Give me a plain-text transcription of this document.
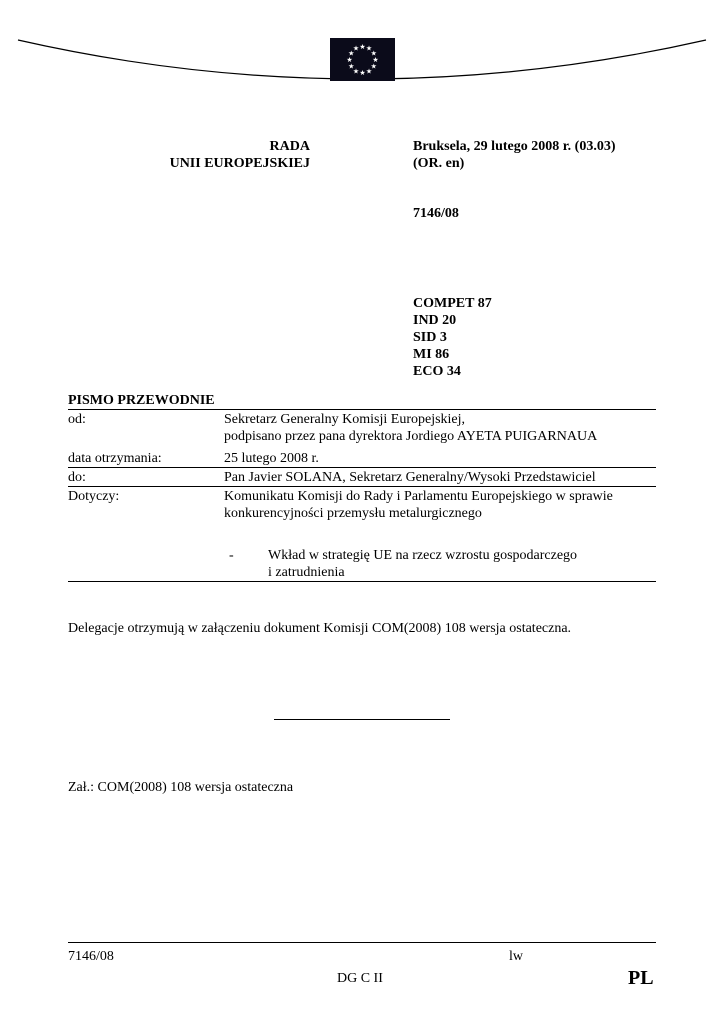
★ ★
★
★
★
★
★
★
★
★
★
★
RADA
UNII EUROPEJSKIEJ
Bruksela, 29 lutego 2008 r. (03.03)
(OR. en)
7146/08
COMPET 87
IND 20
SID 3
MI 86
ECO 34
PISMO PRZEWODNIE
od:	Sekretarz Generalny Komisji Europejskiej,
podpisano przez pana dyrektora Jordiego AYETA PUIGARNAUA
data otrzymania:	25 lutego 2008 r.
do:	Pan Javier SOLANA, Sekretarz Generalny/Wysoki Przedstawiciel
Dotyczy:	Komunikatu Komisji do Rady i Parlamentu Europejskiego w sprawie
konkurencyjności przemysłu metalurgicznego
- Wkład w strategię UE na rzecz wzrostu gospodarczego
i zatrudnienia
Delegacje otrzymują w załączeniu dokument Komisji COM(2008) 108 wersja ostateczna.
Zał.: COM(2008) 108 wersja ostateczna
7146/08	lw
DG C II	PL
